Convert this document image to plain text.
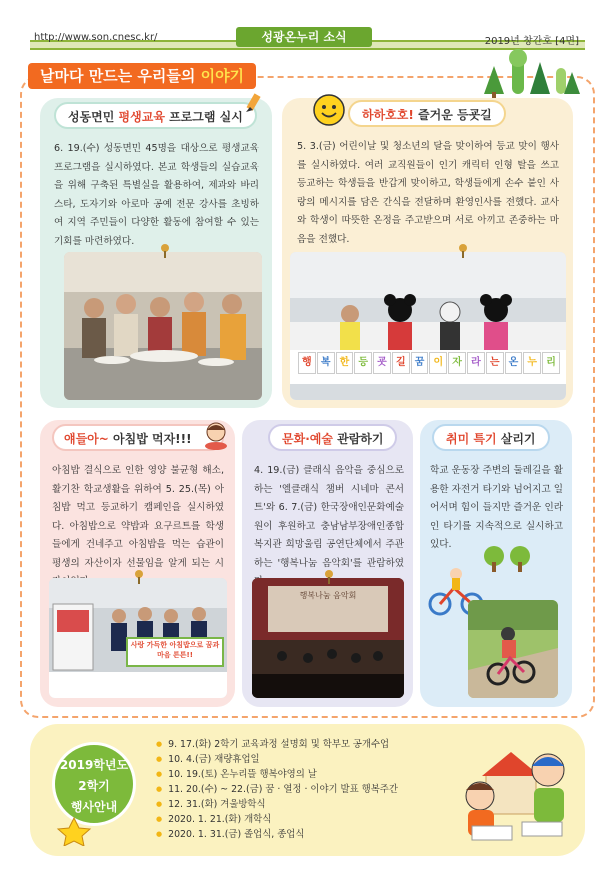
http://www.son.cnesc.kr/	성광온누리 소식	2019년 창간호 [4면]
날마다 만드는 우리들의 이야기
성동면민 평생교육 프로그램 실시
6. 19.(수) 성동면민 45명을 대상으로 평생교육 프로그램을 실시하였다. 본교 학생들의 실습교육을 위해 구축된 특별실을 활용하여, 제과와 바리스타, 도자기와 아로마 공예 전문 강사를 초빙하여 지역 주민들이 다양한 활동에 참여할 수 있는 기회를 마련하였다.
하하호호! 즐거운 등굣길
5. 3.(금) 어린이날 및 청소년의 달을 맞이하여 등교 맞이 행사를 실시하였다. 여러 교직원들이 인기 캐릭터 인형 탈을 쓰고 등교하는 학생들을 반갑게 맞이하고, 학생들에게 손수 붙인 사랑의 메시지를 담은 간식을 전달하며 환영인사를 전했다. 교사와 학생이 따뜻한 온정을 주고받으며 서로 아끼고 존중하는 마음을 전했다.
행 복 한 등 굣 길 꿈 이 자 라 는 온 누 리
얘들아~ 아침밥 먹자!!!
아침밥 결식으로 인한 영양 불균형 해소, 활기찬 학교생활을 위하여 5. 25.(목) 아침밥 먹고 등교하기 캠페인을 실시하였다. 아침밥으로 약밥과 요구르트를 학생들에게 건네주고 아침밥을 먹는 습관이 평생의 자산이자 선물임을 알게 되는 시
사랑 가득한 아침밥으로 꿈과 마음 튼튼!!
문화·예술 관람하기
4. 19.(금) 클래식 음악을 중심으로 하는 '엘클래식 챔버 시네마 콘서트'와 6. 7.(금) 한국장애인문화예술원이 후원하고 충남남부장애인종합복지관 희망울림 공연단체에서 주관하는 '행복나눔 음악회'를 관람하였
행복나눔 음악회
취미 특기 살리기
학교 운동장 주변의 둘레길을 활용한 자전거 타기와 넘어지고 일어서며 힘이 들지만 즐거운 인라인 타기를 지속적으로 실시하고 있다.
2019학년도
2학기
행사안내
● 9. 17.(화) 2학기 교육과정 설명회 및 학부모 공개수업
● 10. 4.(금) 재량휴업일
● 10. 19.(토) 온누리뜰 행복야영의 날
● 11. 20.(수) ~ 22.(금) 꿈 · 열정 · 이야기 발표 행복주간
● 12. 31.(화) 겨울방학식
● 2020. 1. 21.(화) 개학식
● 2020. 1. 31.(금) 졸업식, 종업식
